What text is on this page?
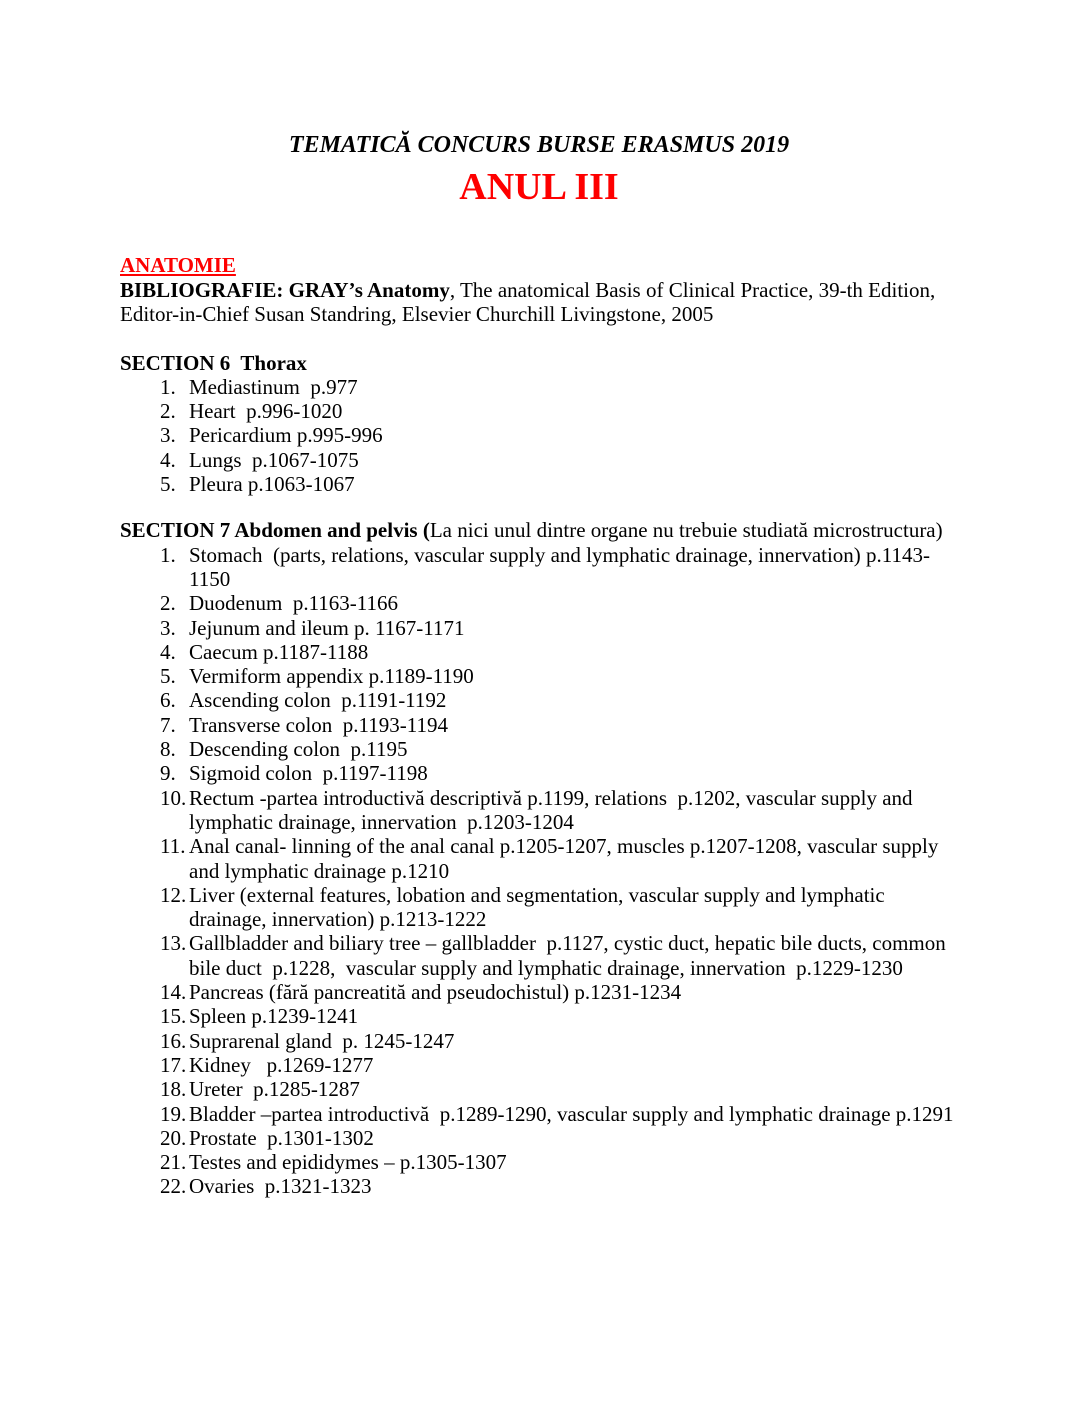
TEMATICĂ CONCURS BURSE ERASMUS 2019
ANUL III
ANATOMIE

BIBLIOGRAFIE: GRAY’s Anatomy, The anatomical Basis of Clinical Practice, 39-th Edition, Editor-in-Chief Susan Standring, Elsevier Churchill Livingstone, 2005

SECTION 6  Thorax
Mediastinum  p.977
Heart  p.996-1020
Pericardium p.995-996
Lungs  p.1067-1075
Pleura p.1063-1067

SECTION 7 Abdomen and pelvis (La nici unul dintre organe nu trebuie studiată microstructura)

Stomach  (parts, relations, vascular supply and lymphatic drainage, innervation) p.1143-1150
Duodenum  p.1163-1166
Jejunum and ileum p. 1167-1171
Caecum p.1187-1188
Vermiform appendix p.1189-1190
Ascending colon  p.1191-1192
Transverse colon  p.1193-1194
Descending colon  p.1195
Sigmoid colon  p.1197-1198
Rectum -partea introductivă descriptivă p.1199, relations  p.1202, vascular supply and lymphatic drainage, innervation  p.1203-1204
Anal canal- linning of the anal canal p.1205-1207, muscles p.1207-1208, vascular supply and lymphatic drainage p.1210
Liver (external features, lobation and segmentation, vascular supply and lymphatic drainage, innervation) p.1213-1222
Gallbladder and biliary tree – gallbladder  p.1127, cystic duct, hepatic bile ducts, common bile duct  p.1228,  vascular supply and lymphatic drainage, innervation  p.1229-1230
Pancreas (fără pancreatită and pseudochistul) p.1231-1234
Spleen p.1239-1241
Suprarenal gland  p. 1245-1247
Kidney   p.1269-1277
Ureter  p.1285-1287
Bladder –partea introductivă  p.1289-1290, vascular supply and lymphatic drainage p.1291
Prostate  p.1301-1302
Testes and epididymes – p.1305-1307
Ovaries  p.1321-1323
